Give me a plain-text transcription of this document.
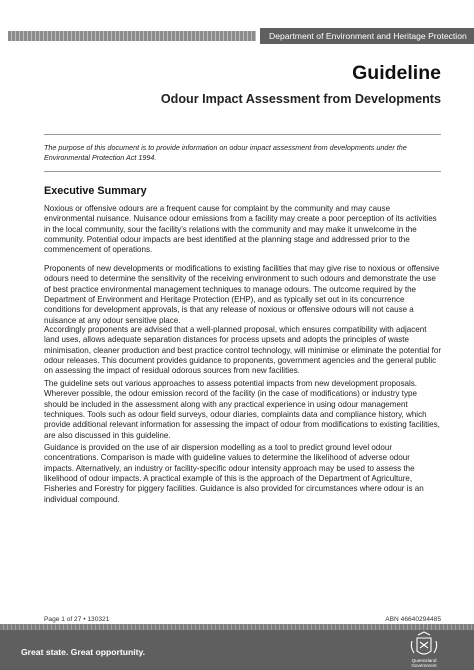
Department of Environment and Heritage Protection
Guideline
Odour Impact Assessment from Developments
The purpose of this document is to provide information on odour impact assessment from developments under the Environmental Protection Act 1994.
Executive Summary
Noxious or offensive odours are a frequent cause for complaint by the community and may cause environmental nuisance. Nuisance odour emissions from a facility may create a poor perception of its activities in the local community, sour the facility’s relations with the community and may make it unwelcome in the community. Potential odour impacts are best identified at the planning stage and addressed prior to the commencement of operations.
Proponents of new developments or modifications to existing facilities that may give rise to noxious or offensive odours need to determine the sensitivity of the receiving environment to such odours and demonstrate the use of best practice environmental management techniques to manage odours. The outcome required by the Department of Environment and Heritage Protection (EHP), and as typically set out in its concurrence conditions for development approvals, is that any release of noxious or offensive odours will not cause a nuisance at any odour sensitive place.
Accordingly proponents are advised that a well-planned proposal, which ensures compatibility with adjacent land uses, allows adequate separation distances for process upsets and adopts the principles of waste minimisation, cleaner production and best practice control technology, will minimise or eliminate the potential for odour releases. This document provides guidance to proponents, government agencies and the general public on assessing the impact of residual odorous sources from new facilities.
The guideline sets out various approaches to assess potential impacts from new development proposals. Wherever possible, the odour emission record of the facility (in the case of modifications) or industry type should be included in the assessment along with any practical experience in using odour management techniques. Tools such as odour field surveys, odour diaries, complaints data and compliance history, which provide additional relevant information for assessing the impact of odour from modifications to existing facilities, are also discussed in this guideline.
Guidance is provided on the use of air dispersion modelling as a tool to predict ground level odour concentrations. Comparison is made with guideline values to determine the likelihood of adverse odour impacts. Alternatively, an industry or facility-specific odour intensity approach may be used to assess the likelihood of odour impacts. A practical example of this is the approach of the Department of Agriculture, Fisheries and Forestry for piggery facilities. Guidance is also provided for circumstances where odour is an individual compound.
Page 1 of 27 • 130321	ABN 46640294485
Great state. Great opportunity.
Queensland Government
